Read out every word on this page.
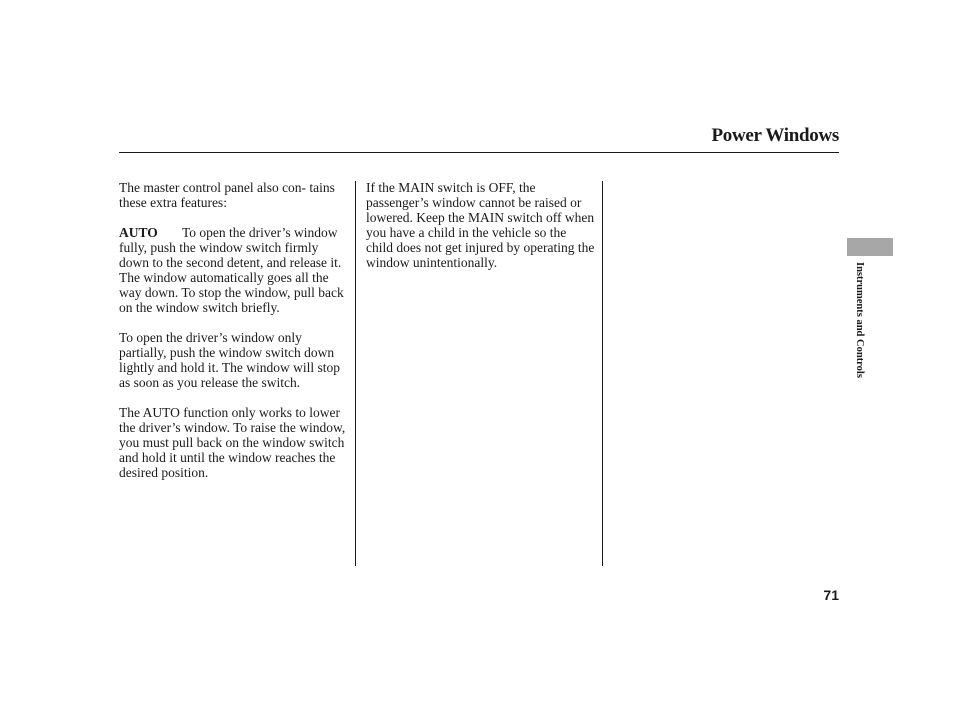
Power Windows

The master control panel also con- tains these extra features:

AUTO To open the driver’s window fully, push the window switch firmly down to the second detent, and release it. The window automatically goes all the way down. To stop the window, pull back on the window switch briefly.

To open the driver’s window only partially, push the window switch down lightly and hold it. The window will stop as soon as you release the switch.

The AUTO function only works to lower the driver’s window. To raise the window, you must pull back on the window switch and hold it until the window reaches the desired position.

If the MAIN switch is OFF, the passenger’s window cannot be raised or lowered. Keep the MAIN switch off when you have a child in the vehicle so the child does not get injured by operating the window unintentionally.	Instruments and Controls
71
